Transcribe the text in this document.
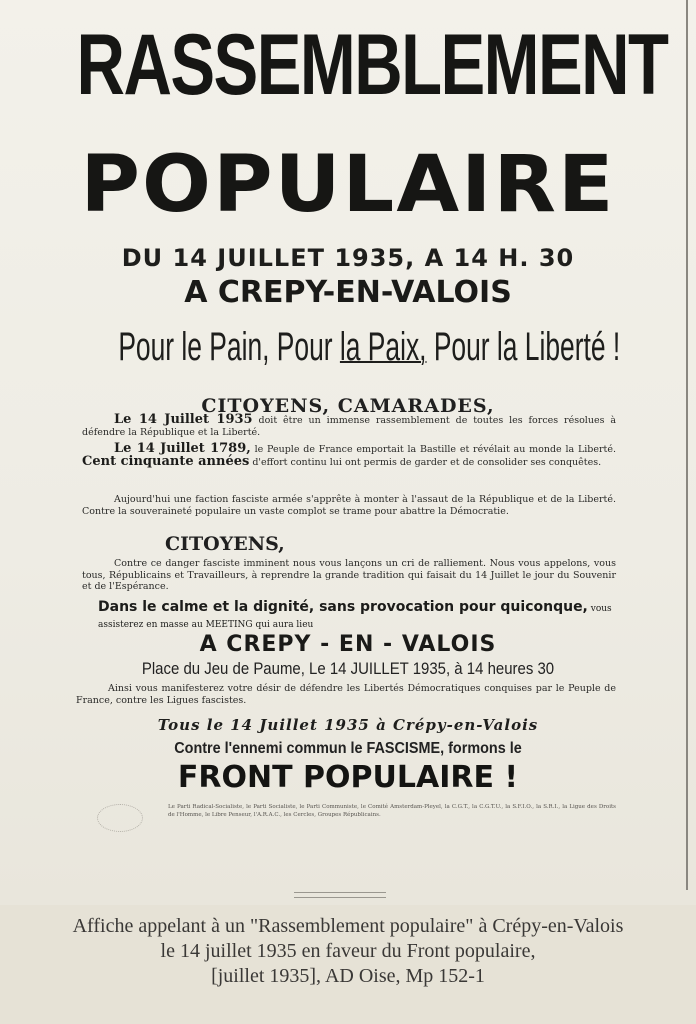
RASSEMBLEMENT
POPULAIRE
DU 14 JUILLET 1935, A 14 H. 30
A CREPY-EN-VALOIS
Pour le Pain, Pour la Paix, Pour la Liberté !
CITOYENS, CAMARADES,
Le 14 Juillet 1935 doit être un immense rassemblement de toutes les forces résolues à défendre la République et la Liberté.
Le 14 Juillet 1789, le Peuple de France emportait la Bastille et révélait au monde la Liberté. Cent cinquante années d'effort continu lui ont permis de garder et de consolider ses conquêtes.
Aujourd'hui une faction fasciste armée s'apprête à monter à l'assaut de la République et de la Liberté. Contre la souveraineté populaire un vaste complot se trame pour abattre la Démocratie.
CITOYENS,
Contre ce danger fasciste imminent nous vous lançons un cri de ralliement. Nous vous appelons, vous tous, Républicains et Travailleurs, à reprendre la grande tradition qui faisait du 14 Juillet le jour du Souvenir et de l'Espérance.
Dans le calme et la dignité, sans provocation pour quiconque, vous assisterez en masse au MEETING qui aura lieu
A CREPY - EN - VALOIS
Place du Jeu de Paume, Le 14 JUILLET 1935, à 14 heures 30
Ainsi vous manifesterez votre désir de défendre les Libertés Démocratiques conquises par le Peuple de France, contre les Ligues fascistes.
Tous le 14 Juillet 1935 à Crépy-en-Valois
Contre l'ennemi commun le FASCISME, formons le
FRONT POPULAIRE !
Le Parti Radical-Socialiste, le Parti Socialiste, le Parti Communiste, le Comité Amsterdam-Pleyel, la C.G.T., la C.G.T.U., la S.F.I.O., la S.R.I., la Ligue des Droits de l'Homme, le Libre Penseur, l'A.R.A.C., les Cercles, Groupes Républicains.
Affiche appelant à un "Rassemblement populaire" à Crépy-en-Valois
le 14 juillet 1935 en faveur du Front populaire,
[juillet 1935], AD Oise, Mp 152-1
